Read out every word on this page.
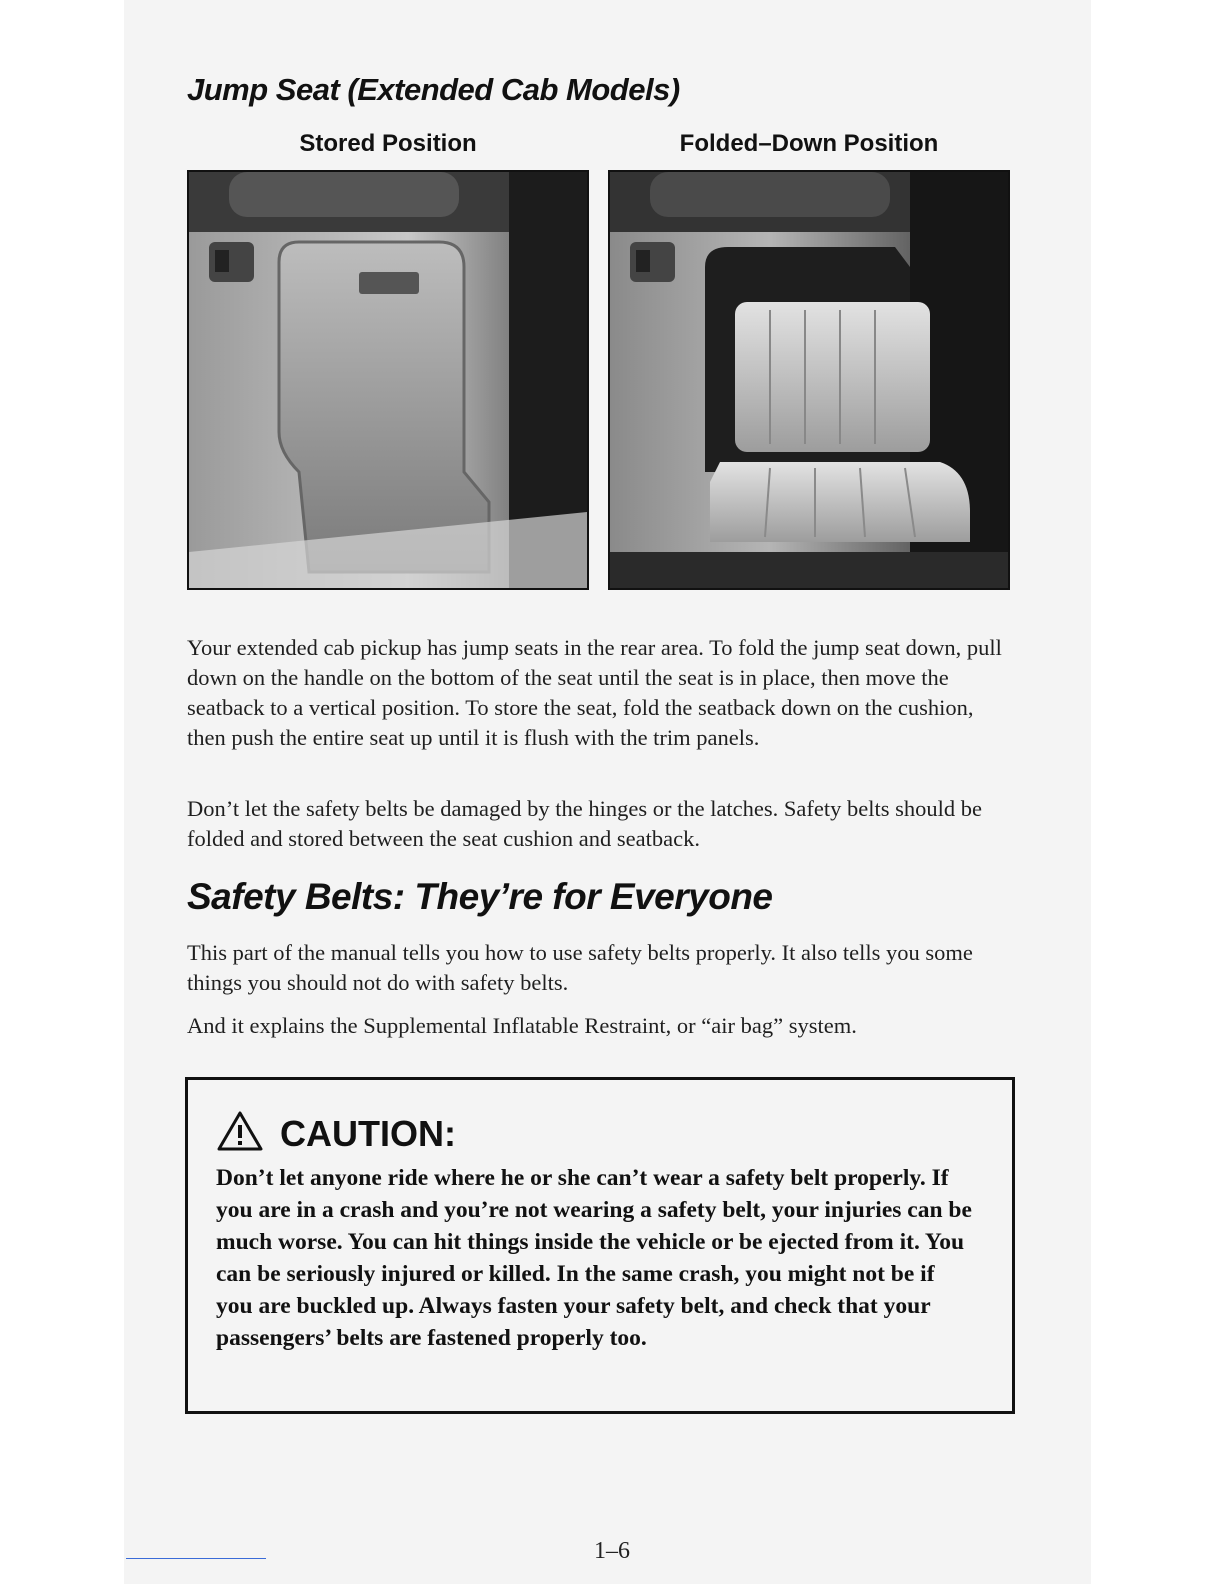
Jump Seat (Extended Cab Models)
Stored Position	Folded–Down Position

Your extended cab pickup has jump seats in the rear area. To fold the jump seat down, pull down on the handle on the bottom of the seat until the seat is in place, then move the seatback to a vertical position. To store the seat, fold the seatback down on the cushion, then push the entire seat up until it is flush with the trim panels.

Don’t let the safety belts be damaged by the hinges or the latches. Safety belts should be folded and stored between the seat cushion and seatback.

Safety Belts: They’re for Everyone

This part of the manual tells you how to use safety belts properly. It also tells you some things you should not do with safety belts.

And it explains the Supplemental Inflatable Restraint, or “air bag” system.

CAUTION:

Don’t let anyone ride where he or she can’t wear a safety belt properly. If you are in a crash and you’re not wearing a safety belt, your injuries can be much worse. You can hit things inside the vehicle or be ejected from it. You can be seriously injured or killed. In the same crash, you might not be if you are buckled up. Always fasten your safety belt, and check that your passengers’ belts are fastened properly too.

1–6
